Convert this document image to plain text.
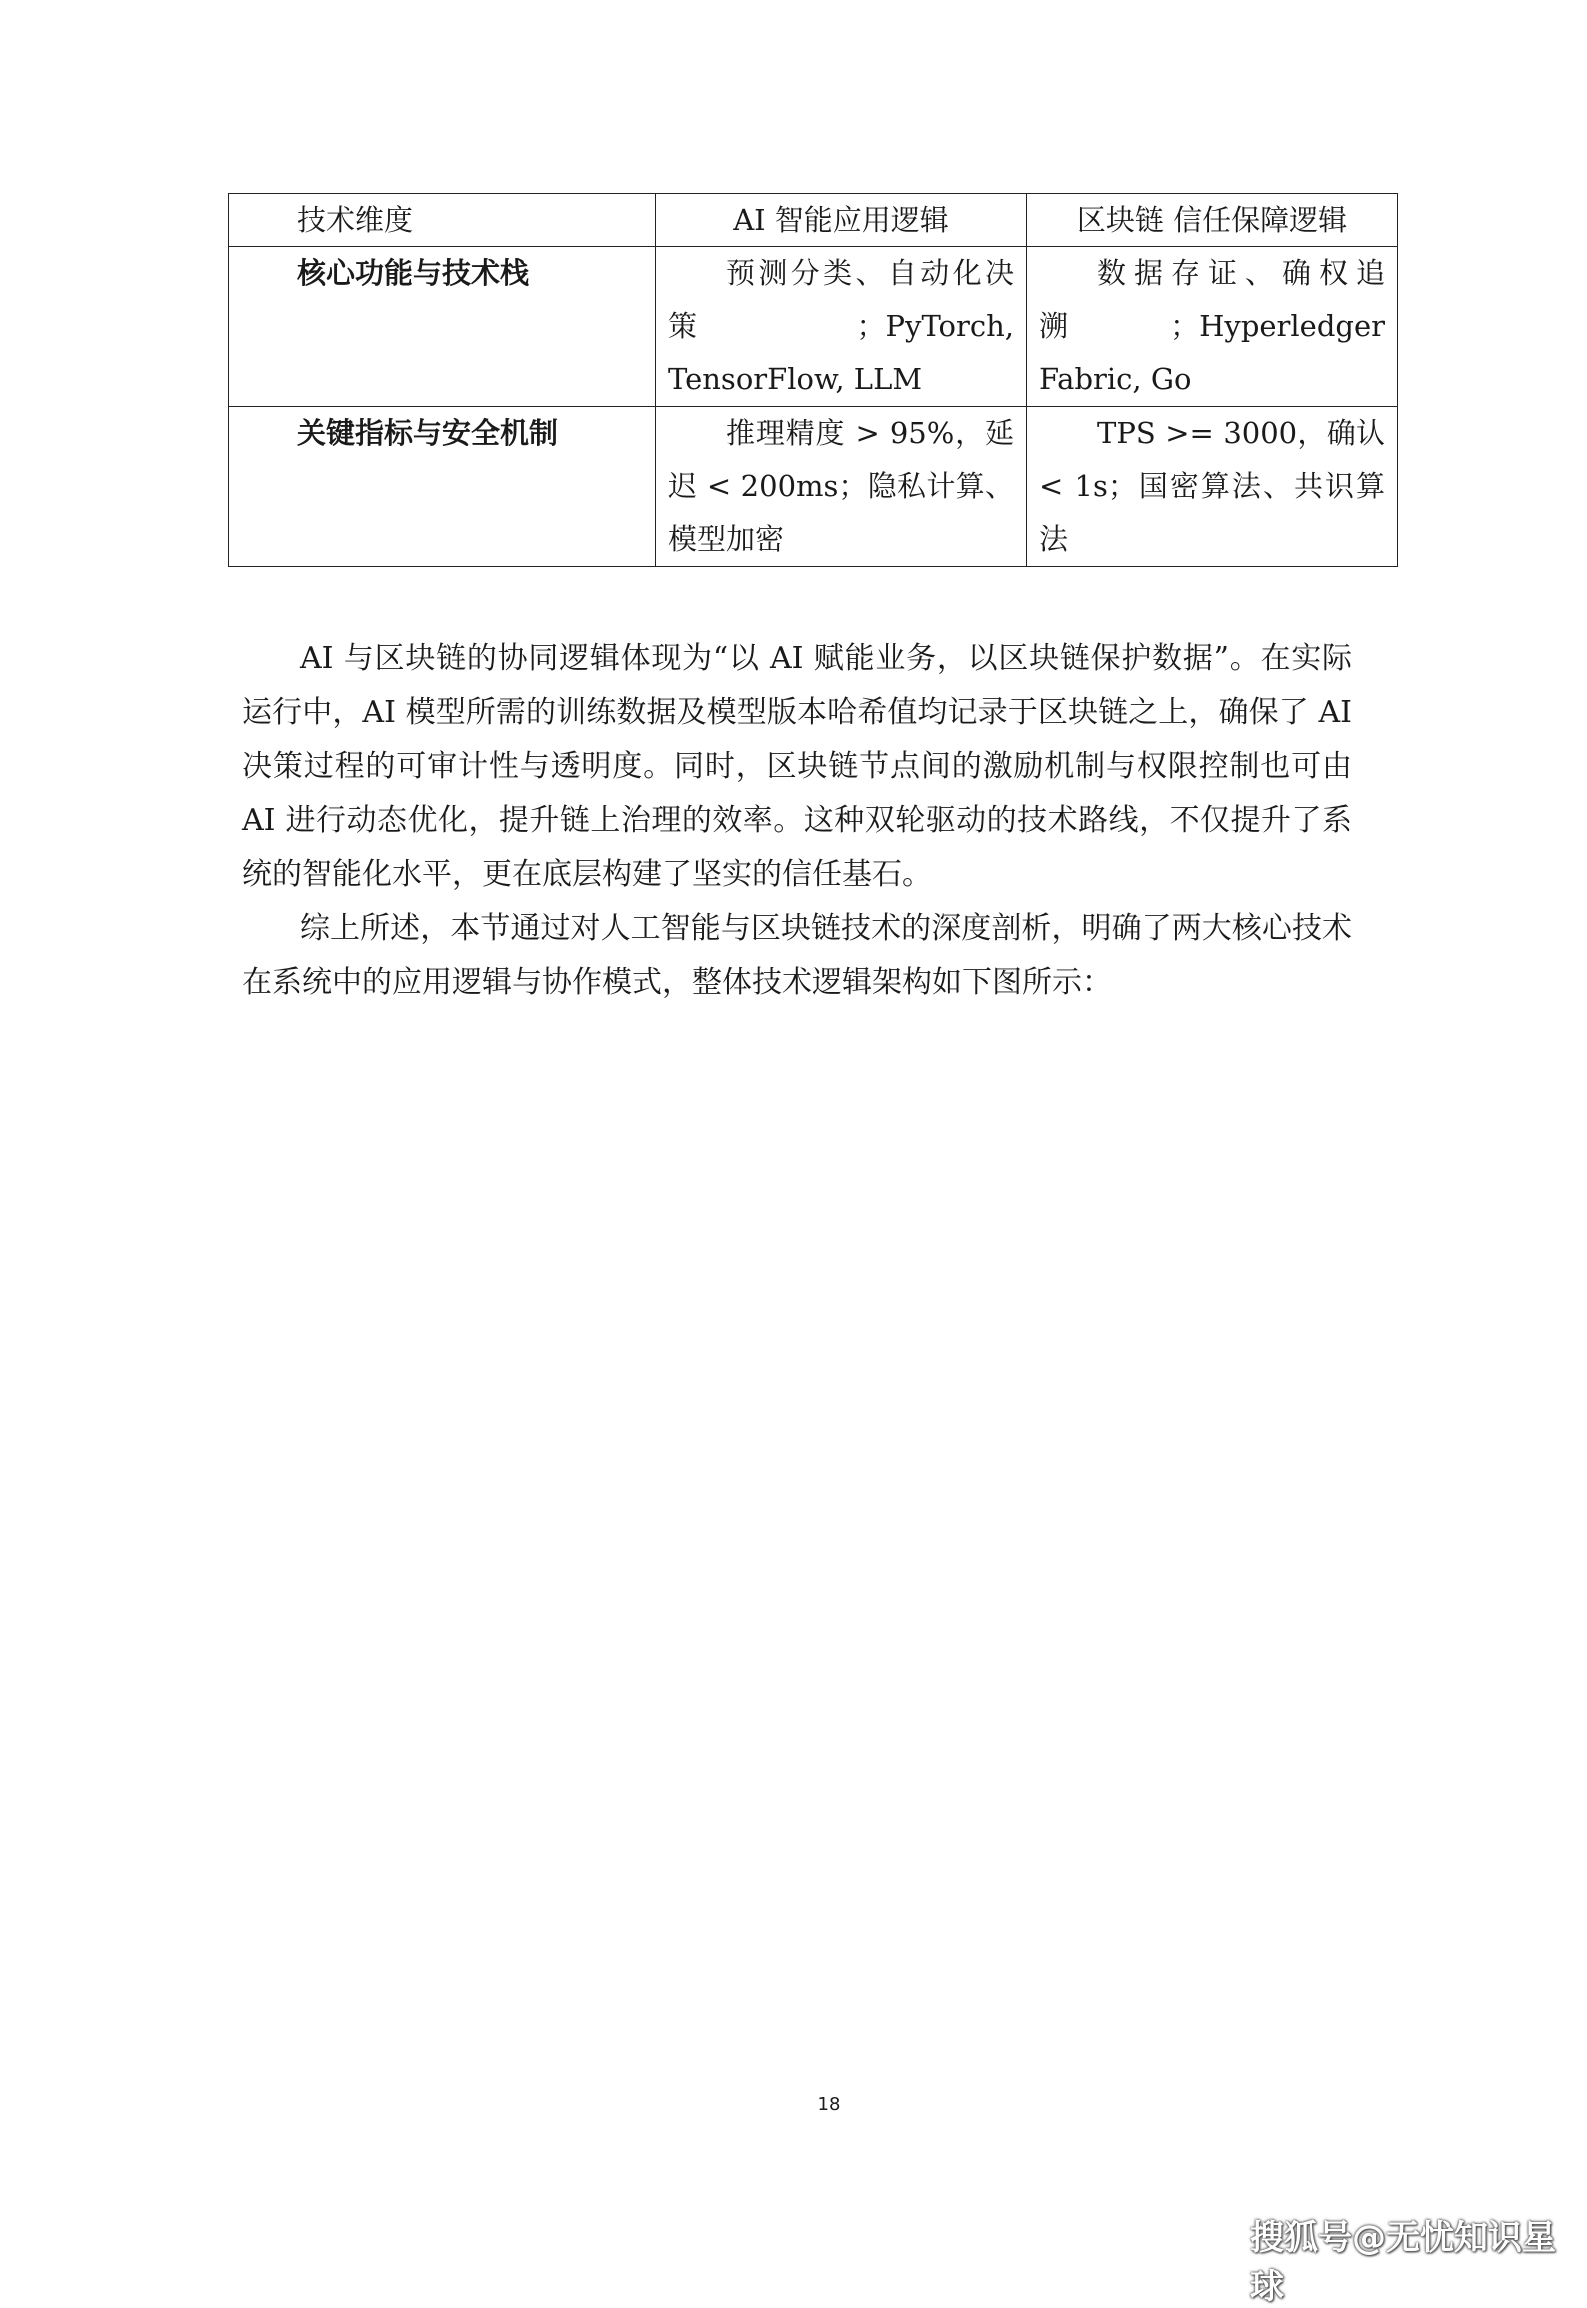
技术维度	AI 智能应用逻辑	区块链 信任保障逻辑
核心功能与技术栈	预测分类、自动化决策；PyTorch, TensorFlow, LLM	数据存证、确权追溯；Hyperledger Fabric, Go
关键指标与安全机制	推理精度 > 95%，延迟 < 200ms；隐私计算、模型加密	TPS >= 3000，确认 < 1s；国密算法、共识算法

AI 与区块链的协同逻辑体现为“以 AI 赋能业务，以区块链保护数据”。在实际运行中，AI 模型所需的训练数据及模型版本哈希值均记录于区块链之上，确保了 AI 决策过程的可审计性与透明度。同时，区块链节点间的激励机制与权限控制也可由 AI 进行动态优化，提升链上治理的效率。这种双轮驱动的技术路线，不仅提升了系统的智能化水平，更在底层构建了坚实的信任基石。

综上所述，本节通过对人工智能与区块链技术的深度剖析，明确了两大核心技术在系统中的应用逻辑与协作模式，整体技术逻辑架构如下图所示：

18
搜狐号@无忧知识星球
